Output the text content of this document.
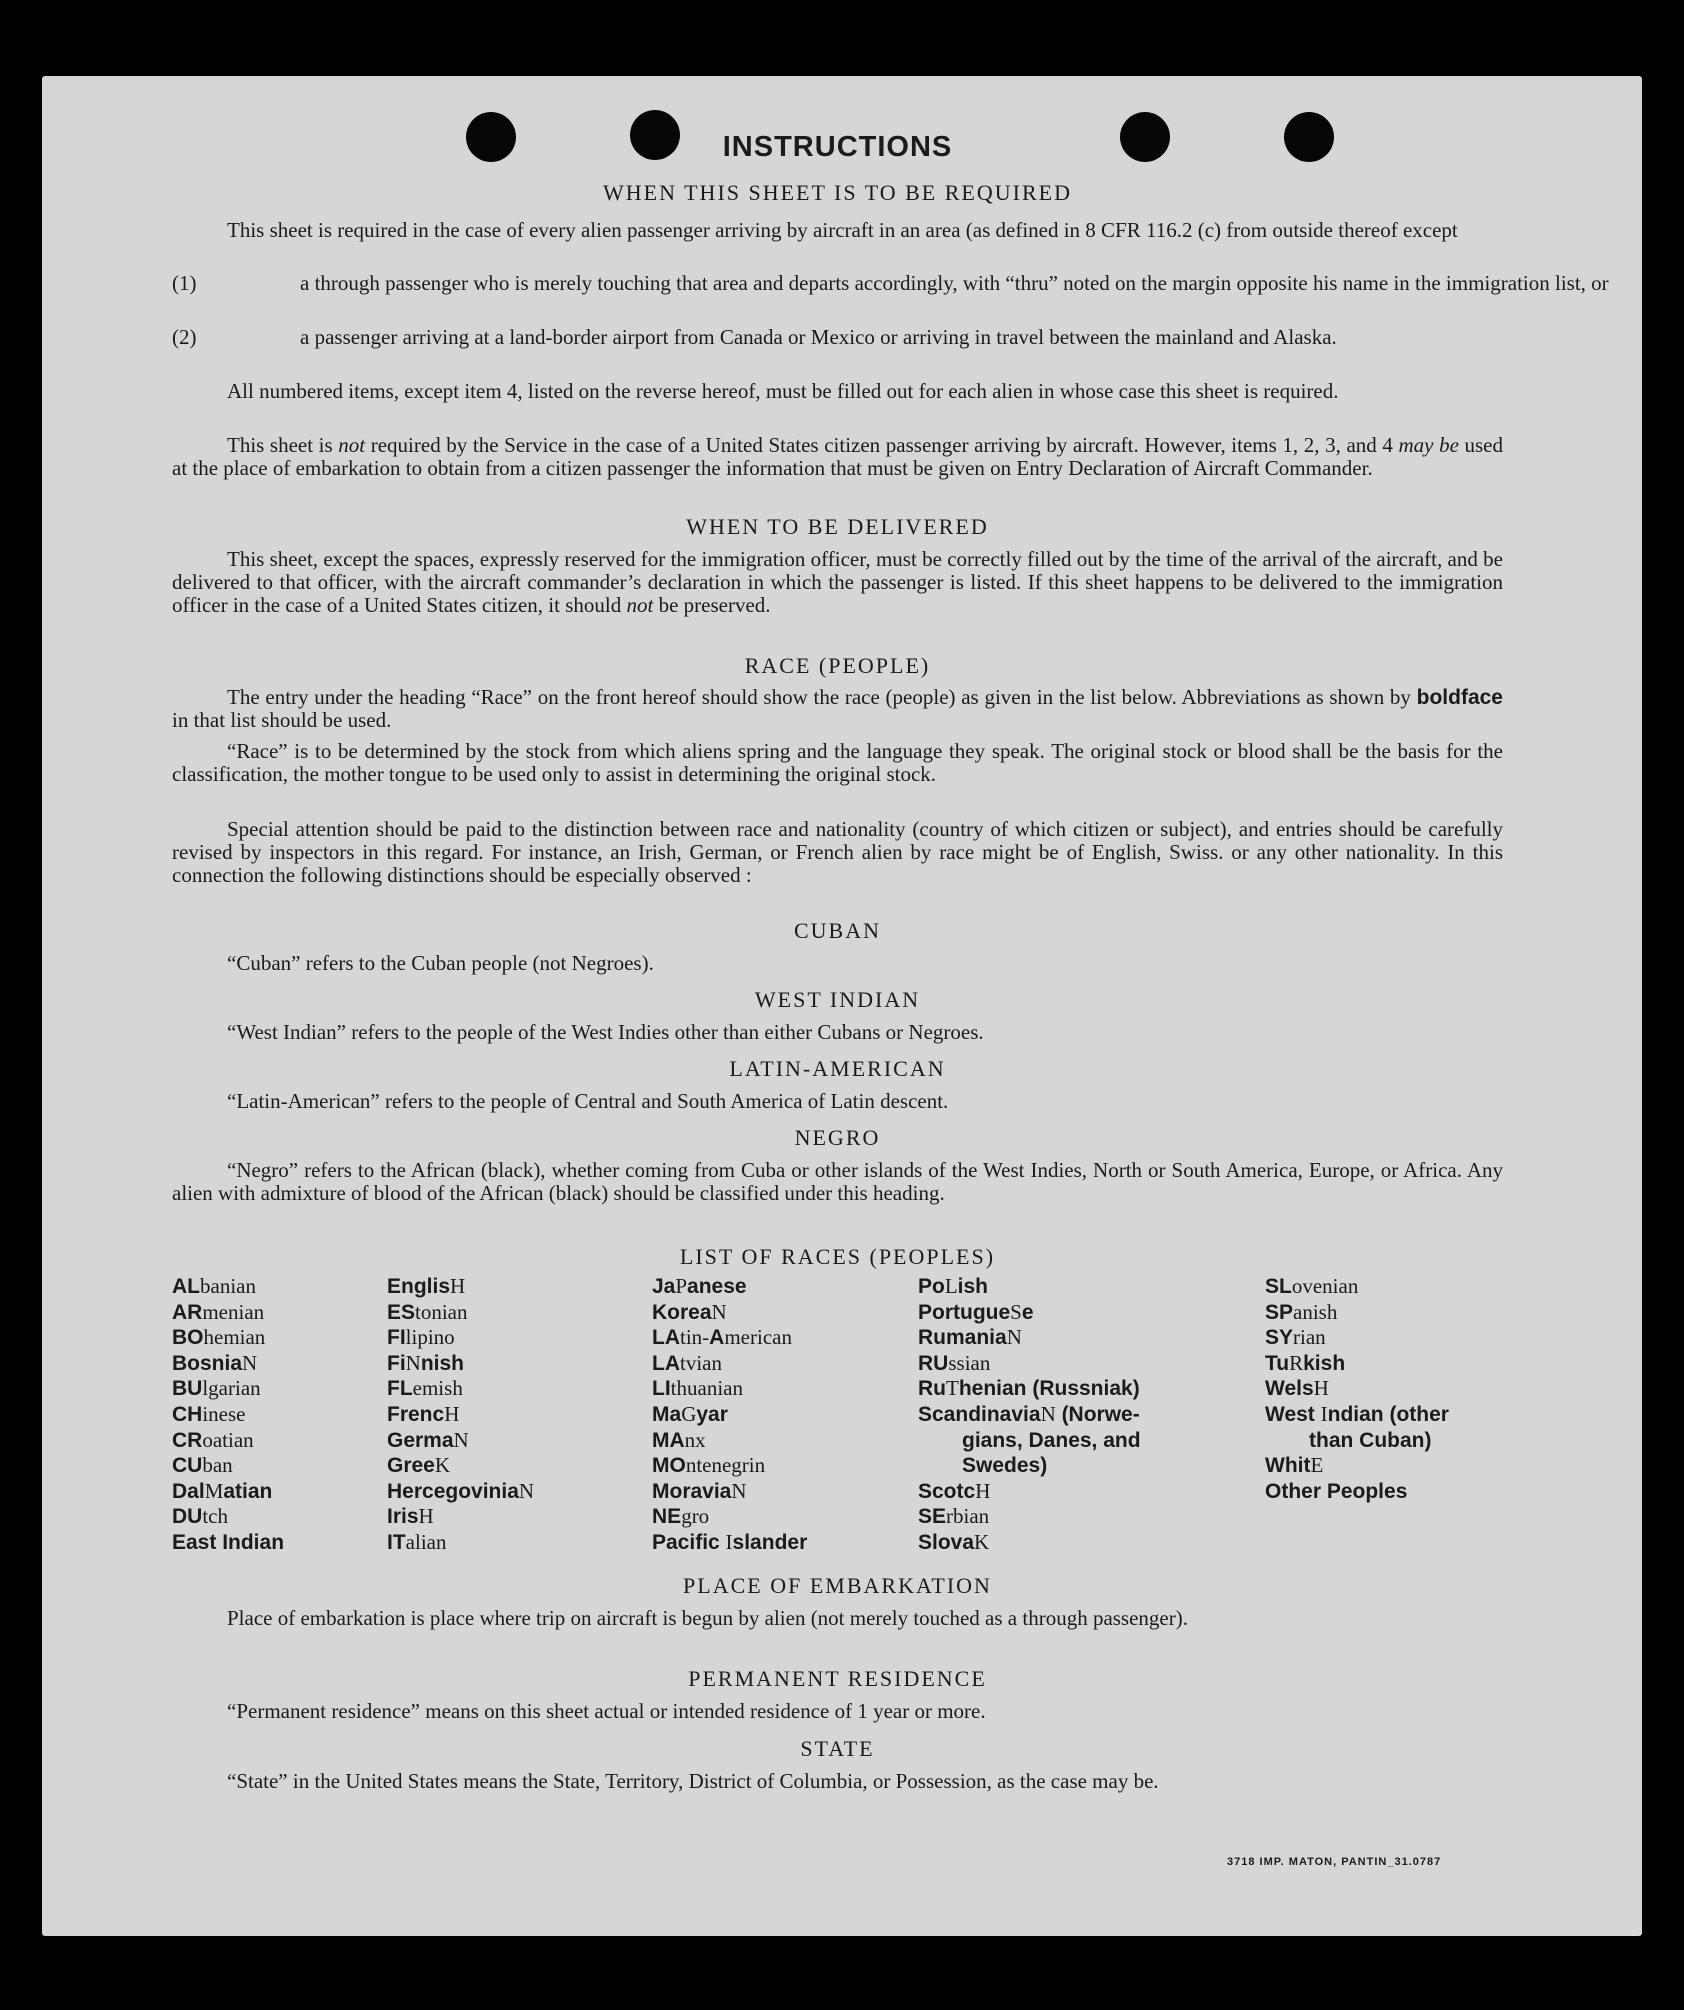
INSTRUCTIONS
WHEN THIS SHEET IS TO BE REQUIRED
This sheet is required in the case of every alien passenger arriving by aircraft in an area (as defined in 8 CFR 116.2 (c) from outside thereof except
(1)	a through passenger who is merely touching that area and departs accordingly, with “thru” noted on the margin opposite his name in the immigration list, or
(2)	a passenger arriving at a land-border airport from Canada or Mexico or arriving in travel between the mainland and Alaska.
All numbered items, except item 4, listed on the reverse hereof, must be filled out for each alien in whose case this sheet is required.
This sheet is not required by the Service in the case of a United States citizen passenger arriving by aircraft. However, items 1, 2, 3, and 4 may be used at the place of embarkation to obtain from a citizen passenger the information that must be given on Entry Declaration of Aircraft Commander.
WHEN TO BE DELIVERED
This sheet, except the spaces, expressly reserved for the immigration officer, must be correctly filled out by the time of the arrival of the aircraft, and be delivered to that officer, with the aircraft commander’s declaration in which the passenger is listed. If this sheet happens to be delivered to the immigration officer in the case of a United States citizen, it should not be preserved.
RACE (PEOPLE)
The entry under the heading “Race” on the front hereof should show the race (people) as given in the list below. Abbreviations as shown by boldface in that list should be used.
“Race” is to be determined by the stock from which aliens spring and the language they speak. The original stock or blood shall be the basis for the classification, the mother tongue to be used only to assist in determining the original stock.
Special attention should be paid to the distinction between race and nationality (country of which citizen or subject), and entries should be carefully revised by inspectors in this regard. For instance, an Irish, German, or French alien by race might be of English, Swiss. or any other nationality. In this connection the following distinctions should be especially observed :
CUBAN
“Cuban” refers to the Cuban people (not Negroes).
WEST INDIAN
“West Indian” refers to the people of the West Indies other than either Cubans or Negroes.
LATIN-AMERICAN
“Latin-American” refers to the people of Central and South America of Latin descent.
NEGRO
“Negro” refers to the African (black), whether coming from Cuba or other islands of the West Indies, North or South America, Europe, or Africa. Any alien with admixture of blood of the African (black) should be classified under this heading.
LIST OF RACES (PEOPLES)
ALbanian
ARmenian
BOhemian
BosniaN
BUlgarian
CHinese
CRoatian
CUban
DalMatian
DUtch
East Indian
EnglisH
EStonian
FIlipino
FiNnish
FLemish
FrencH
GermaN
GreeK
HercegoviniaN
IrisH
ITalian
JaPanese
KoreaN
LAtin-American
LAtvian
LIthuanian
MaGyar
MAnx
MOntenegrin
MoraviaN
NEgro
Pacific Islander
PoLish
PortugueSe
RumaniaN
RUssian
RuThenian (Russniak)
ScandinaviaN (Norwe-
gians, Danes, and
Swedes)
ScotcH
SErbian
SlovaK
SLovenian
SPanish
SYrian
TuRkish
WelsH
West Indian (other
than Cuban)
WhitE
Other Peoples
PLACE OF EMBARKATION
Place of embarkation is place where trip on aircraft is begun by alien (not merely touched as a through passenger).
PERMANENT RESIDENCE
“Permanent residence” means on this sheet actual or intended residence of 1 year or more.
STATE
“State” in the United States means the State, Territory, District of Columbia, or Possession, as the case may be.
3718 IMP. MATON, PANTIN_31.0787
